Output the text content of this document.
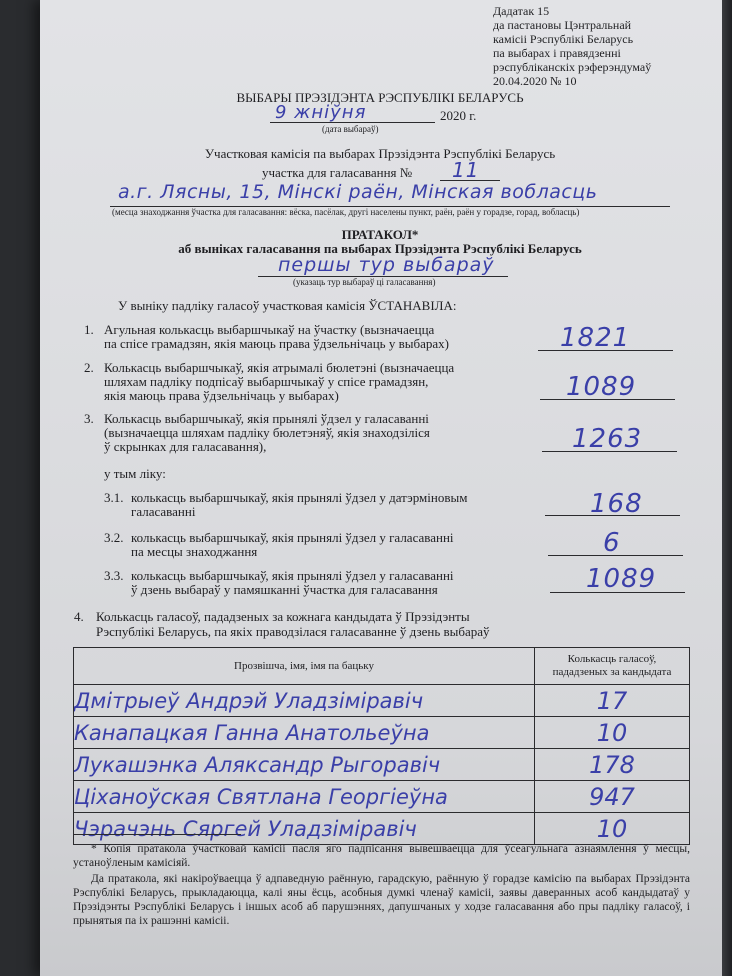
Дадатак 15
да пастановы Цэнтральнай
камісіі Рэспублікі Беларусь
па выбарах і правядзенні
рэспубліканскіх рэферэндумаў
20.04.2020 № 10
ВЫБАРЫ ПРЭЗІДЭНТА РЭСПУБЛІКІ БЕЛАРУСЬ
9 жнiўня	2020 г.
(дата выбараў)
Участковая камісія па выбарах Прэзідэнта Рэспублікі Беларусь
участка для галасавання № 11
а.г. Лясны, 15, Мінскі раён, Мінская вобласць
(месца знаходжання ўчастка для галасавання: вёска, пасёлак, другі населены пункт, раён, раён у горадзе, горад, вобласць)
ПРАТАКОЛ*
аб выніках галасавання па выбарах Прэзідэнта Рэспублікі Беларусь
першы тур выбараў
(указаць тур выбараў ці галасавання)
У выніку падліку галасоў участковая камісія ЎСТАНАВІЛА:
1. Агульная колькасць выбаршчыкаў на ўчастку (вызначаецца
па спісе грамадзян, якія маюць права ўдзельнічаць у выбарах)	1821
2. Колькасць выбаршчыкаў, якія атрымалі бюлетэні (вызначаецца
шляхам падліку подпісаў выбаршчыкаў у спісе грамадзян,
якія маюць права ўдзельнічаць у выбарах)	1089
3. Колькасць выбаршчыкаў, якія прынялі ўдзел у галасаванні
(вызначаецца шляхам падліку бюлетэняў, якія знаходзіліся
ў скрынках для галасавання),	1263
у тым ліку:
3.1. колькасць выбаршчыкаў, якія прынялі ўдзел у датэрміновым
галасаванні	168
3.2. колькасць выбаршчыкаў, якія прынялі ўдзел у галасаванні
па месцы знаходжання	6
3.3. колькасць выбаршчыкаў, якія прынялі ўдзел у галасаванні
ў дзень выбараў у памяшканні ўчастка для галасавання	1089
4. Колькасць галасоў, пададзеных за кожнага кандыдата ў Прэзідэнты
Рэспублікі Беларусь, па якіх праводзілася галасаванне ў дзень выбараў
Прозвішча, імя, імя па бацьку	Колькасць галасоў,
пададзеных за кандыдата
Дмітрыеў Андрэй Уладзіміравіч	17
Канапацкая Ганна Анатольеўна	10
Лукашэнка Аляксандр Рыгоравіч	178
Ціханоўская Святлана Георгіеўна	947
Чэрачэнь Сяргей Уладзіміравіч	10
* Копія пратакола ўчастковай камісіі пасля яго падпісання вывешваецца для ўсеагульнага азнаямлення ў месцы, устаноўленым камісіяй.
Да пратакола, які накіроўваецца ў адпаведную раённую, гарадскую, раённую ў горадзе камісію па выбарах Прэзідэнта Рэспублікі Беларусь, прыкладаюцца, калі яны ёсць, асобныя думкі членаў камісіі, заявы даверанных асоб кандыдатаў у Прэзідэнты Рэспублікі Беларусь і іншых асоб аб парушэннях, дапушчаных у ходзе галасавання або пры падліку галасоў, і прынятыя па іх рашэнні камісіі.
